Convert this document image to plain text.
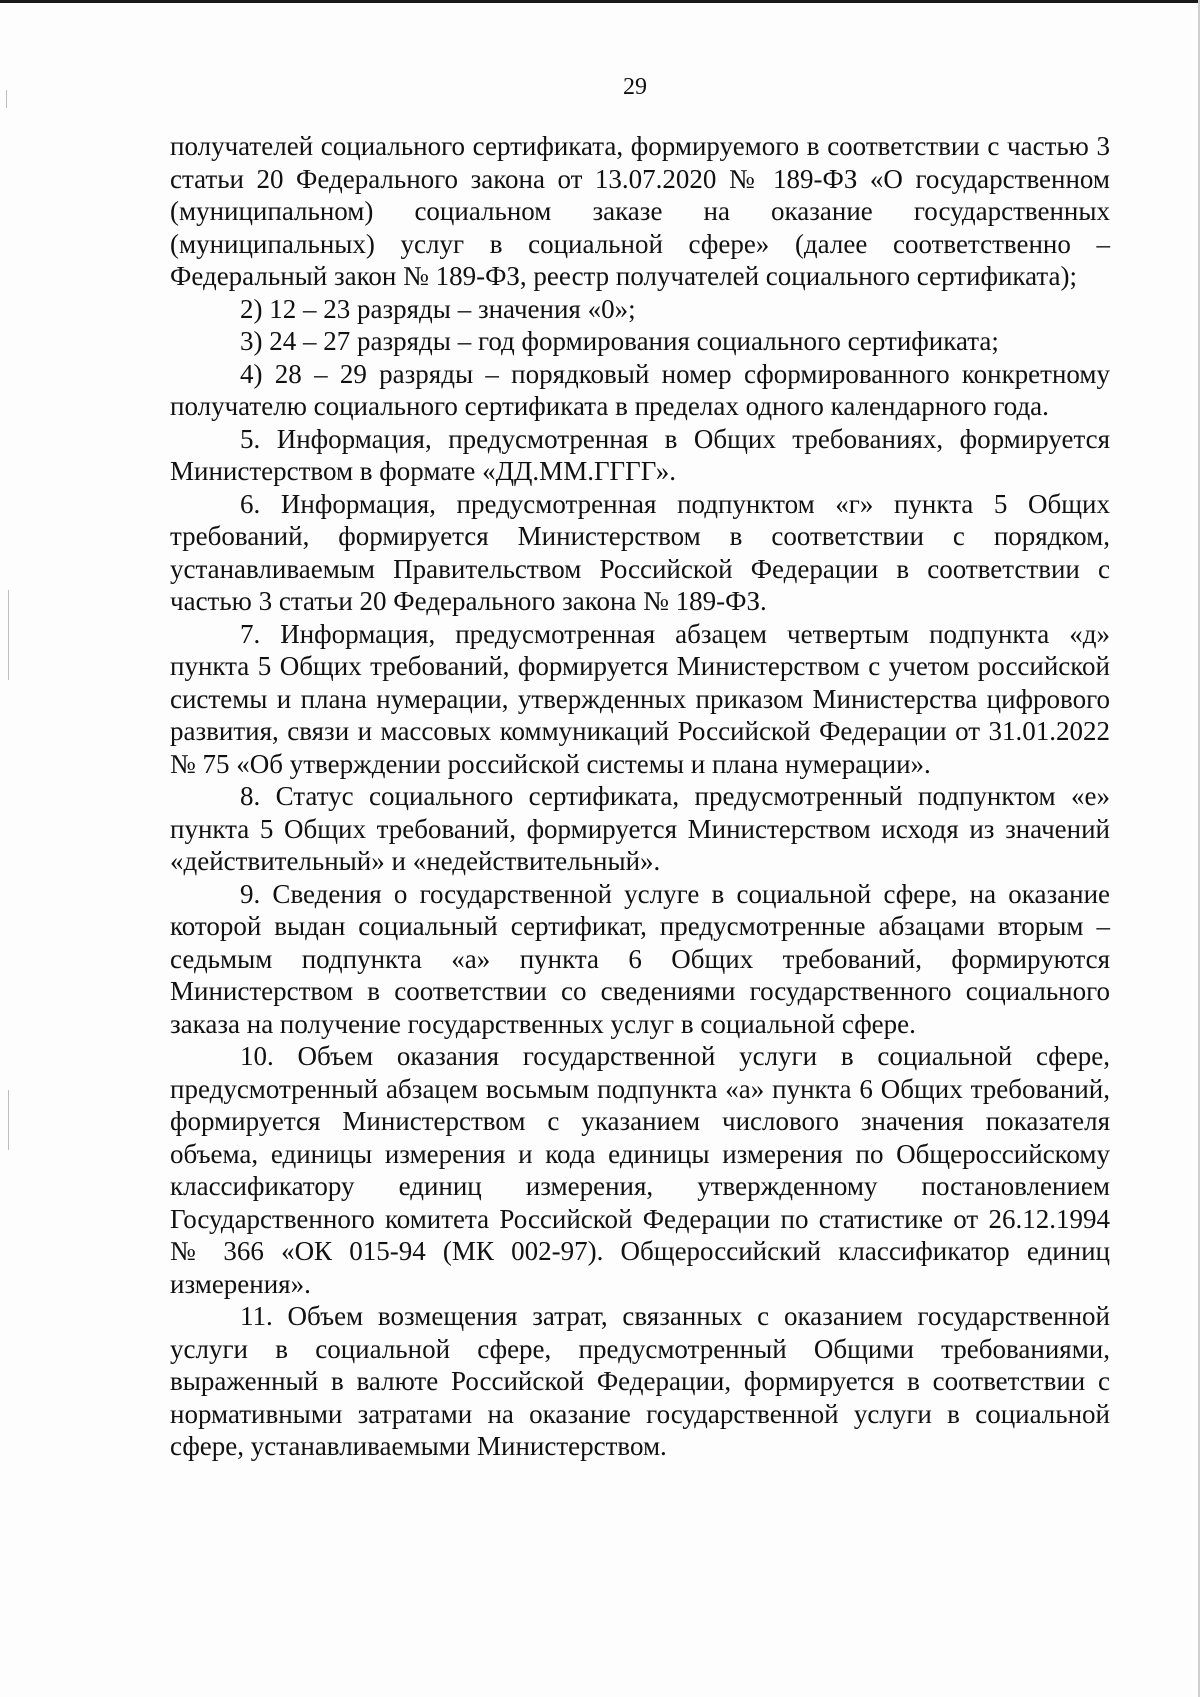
29

получателей социального сертификата, формируемого в соответствии с частью 3 статьи 20 Федерального закона от 13.07.2020 № 189-ФЗ «О государственном (муниципальном) социальном заказе на оказание государственных (муниципальных) услуг в социальной сфере» (далее соответственно – Федеральный закон № 189-ФЗ, реестр получателей социального сертификата);

2) 12 – 23 разряды – значения «0»;

3) 24 – 27 разряды – год формирования социального сертификата;

4) 28 – 29 разряды – порядковый номер сформированного конкретному получателю социального сертификата в пределах одного календарного года.

5. Информация, предусмотренная в Общих требованиях, формируется Министерством в формате «ДД.ММ.ГГГГ».

6. Информация, предусмотренная подпунктом «г» пункта 5 Общих требований, формируется Министерством в соответствии с порядком, устанавливаемым Правительством Российской Федерации в соответствии с частью 3 статьи 20 Федерального закона № 189-ФЗ.

7. Информация, предусмотренная абзацем четвертым подпункта «д» пункта 5 Общих требований, формируется Министерством с учетом российской системы и плана нумерации, утвержденных приказом Министерства цифрового развития, связи и массовых коммуникаций Российской Федерации от 31.01.2022 № 75 «Об утверждении российской системы и плана нумерации».

8. Статус социального сертификата, предусмотренный подпунктом «е» пункта 5 Общих требований, формируется Министерством исходя из значений «действительный» и «недействительный».

9. Сведения о государственной услуге в социальной сфере, на оказание которой выдан социальный сертификат, предусмотренные абзацами вторым – седьмым подпункта «а» пункта 6 Общих требований, формируются Министерством в соответствии со сведениями государственного социального заказа на получение государственных услуг в социальной сфере.

10. Объем оказания государственной услуги в социальной сфере, предусмотренный абзацем восьмым подпункта «а» пункта 6 Общих требований, формируется Министерством с указанием числового значения показателя объема, единицы измерения и кода единицы измерения по Общероссийскому классификатору единиц измерения, утвержденному постановлением Государственного комитета Российской Федерации по статистике от 26.12.1994 № 366 «ОК 015-94 (МК 002-97). Общероссийский классификатор единиц измерения».

11. Объем возмещения затрат, связанных с оказанием государственной услуги в социальной сфере, предусмотренный Общими требованиями, выраженный в валюте Российской Федерации, формируется в соответствии с нормативными затратами на оказание государственной услуги в социальной сфере, устанавливаемыми Министерством.
